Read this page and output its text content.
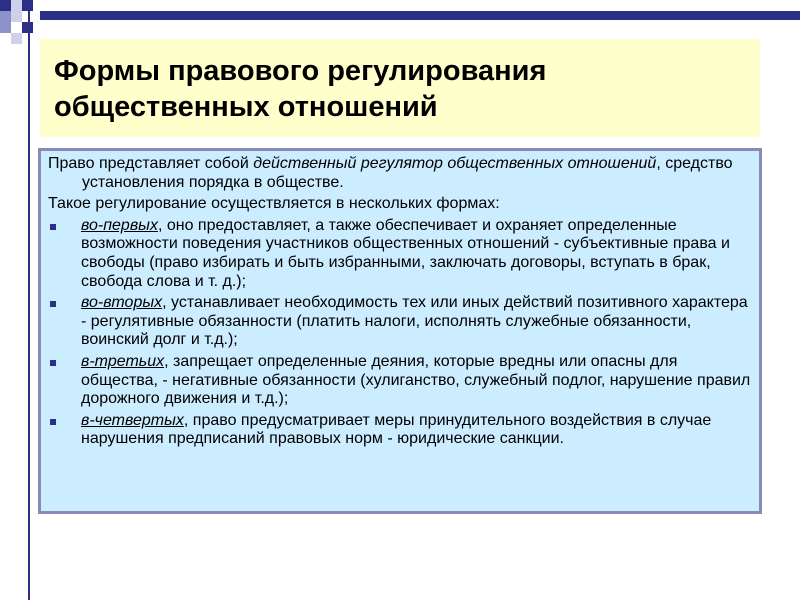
Формы правового регулирования
общественных отношений

Право представляет собой действенный регулятор общественных отношений, средство установления порядка в обществе.

Такое регулирование осуществляется в нескольких формах:

во-первых, оно предоставляет, а также обеспечивает и охраняет определенные возможности поведения участников общественных отношений - субъективные права и свободы (право избирать и быть избранными, заключать договоры, вступать в брак, свобода слова и т. д.);
во-вторых, устанавливает необходимость тех или иных действий позитивного характера - регулятивные обязанности (платить налоги, исполнять служебные обязанности, воинский долг и т.д.);
в-третьих, запрещает определенные деяния, которые вредны или опасны для общества, - негативные обязанности (хулиганство, служебный подлог, нарушение правил дорожного движения и т.д.);
в-четвертых, право предусматривает меры принудительного воздействия в случае нарушения предписаний правовых норм - юридические санкции.
